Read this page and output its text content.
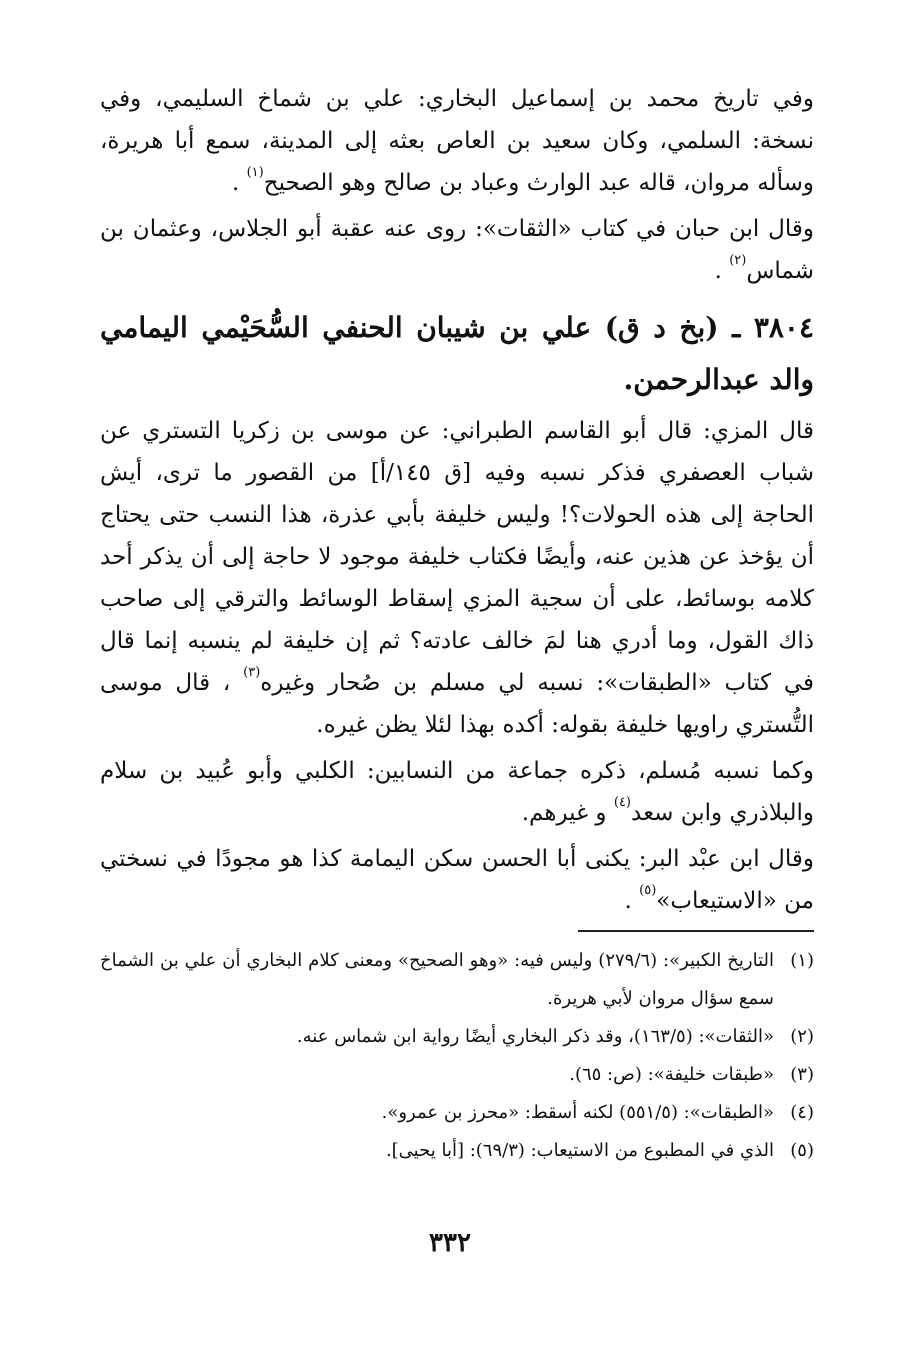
وفي تاريخ محمد بن إسماعيل البخاري: علي بن شماخ السليمي، وفي نسخة: السلمي، وكان سعيد بن العاص بعثه إلى المدينة، سمع أبا هريرة، وسأله مروان، قاله عبد الوارث وعباد بن صالح وهو الصحيح$^{(١)}$ .

وقال ابن حبان في كتاب «الثقات»: روى عنه عقبة أبو الجلاس، وعثمان بن شماس$^{(٢)}$ .

٣٨٠٤ ـ (بخ د ق) علي بن شيبان الحنفي السُّحَيْمي اليمامي والد عبدالرحمن.

قال المزي: قال أبو القاسم الطبراني: عن موسى بن زكريا التستري عن شباب العصفري فذكر نسبه وفيه [ق ١٤٥/أ] من القصور ما ترى، أيش الحاجة إلى هذه الحولات؟! وليس خليفة بأبي عذرة، هذا النسب حتى يحتاج أن يؤخذ عن هذين عنه، وأيضًا فكتاب خليفة موجود لا حاجة إلى أن يذكر أحد كلامه بوسائط، على أن سجية المزي إسقاط الوسائط والترقي إلى صاحب ذاك القول، وما أدري هنا لمَ خالف عادته؟ ثم إن خليفة لم ينسبه إنما قال في كتاب «الطبقات»: نسبه لي مسلم بن صُحار وغيره$^{(٣)}$ ، قال موسى التُّستري راويها خليفة بقوله: أكده بهذا لئلا يظن غيره.

وكما نسبه مُسلم، ذكره جماعة من النسابين: الكلبي وأبو عُبيد بن سلام والبلاذري وابن سعد$^{(٤)}$ و غيرهم.

وقال ابن عبْد البر: يكنى أبا الحسن سكن اليمامة كذا هو مجودًا في نسختي من «الاستيعاب»$^{(٥)}$ .

(١)
التاريخ الكبير»: (٢٧٩/٦) وليس فيه: «وهو الصحيح» ومعنى كلام البخاري أن علي بن الشماخ سمع سؤال مروان لأبي هريرة.
(٢)
«الثقات»: (١٦٣/٥)، وقد ذكر البخاري أيضًا رواية ابن شماس عنه.
(٣)
«طبقات خليفة»: (ص: ٦٥).
(٤)
«الطبقات»: (٥٥١/٥) لكنه أسقط: «محرز بن عمرو».
(٥)
الذي في المطبوع من الاستيعاب: (٦٩/٣): [أبا يحيى].
٣٣٢
